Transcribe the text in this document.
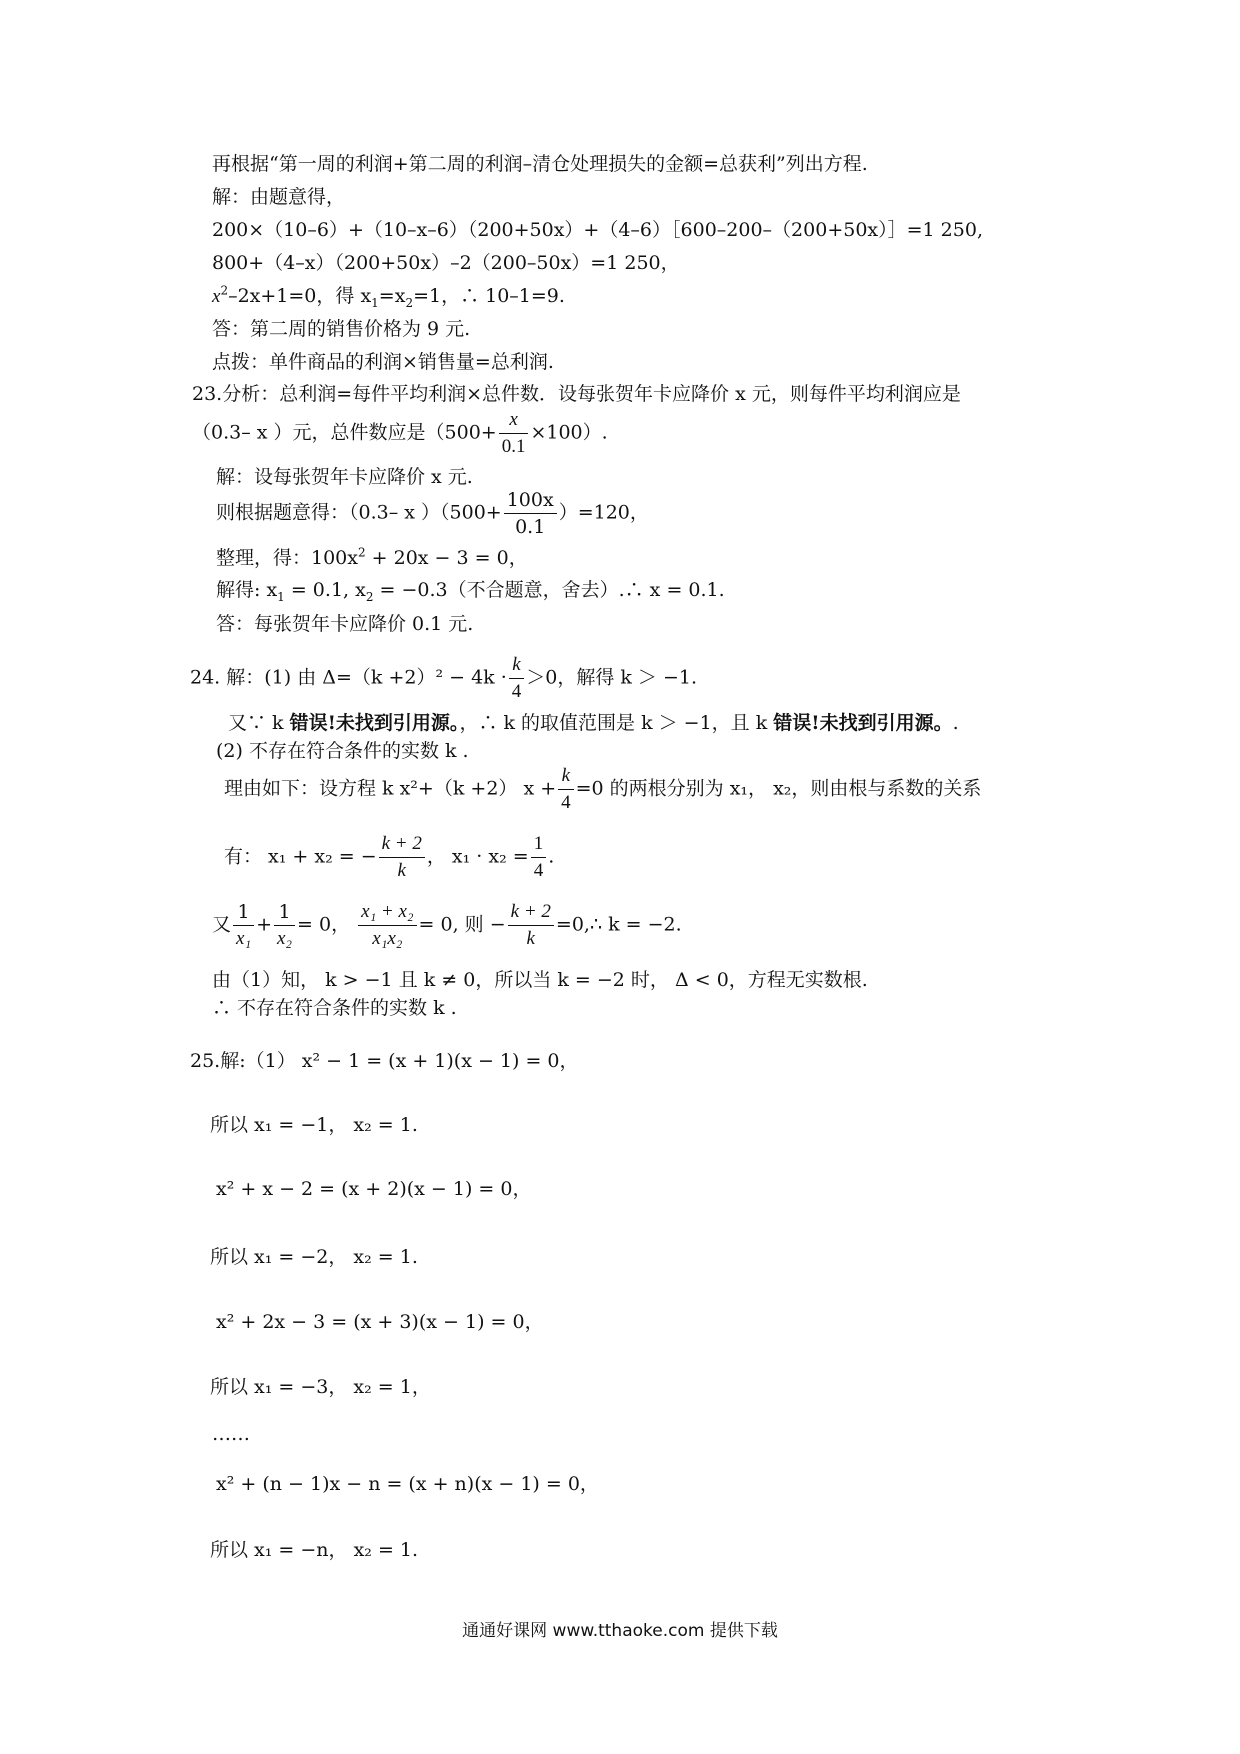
再根据“第一周的利润+第二周的利润–清仓处理损失的金额=总获利”列出方程.
解：由题意得，
200×（10–6）+（10–x–6）（200+50x）+（4–6）［600–200–（200+50x）］=1 250,
800+（4–x）（200+50x）–2（200–50x）=1 250，
$x^2-2x+1=0$，得 $x_1=x_2=1$，∴ 10–1=9.
答：第二周的销售价格为 9 元.
点拨：单件商品的利润×销售量=总利润.
23.分析：总利润=每件平均利润×总件数．设每张贺年卡应降价 x 元，则每件平均利润应是
（0.3– x ）元，总件数应是$(500+ \frac{x}{0.1} \times 100)$.
解：设每张贺年卡应降价 x 元.
则根据题意得：（0.3– x ）$(500+ \frac{100x}{0.1} )=120$，
整理，得：$100x^2 + 20x - 3 = 0$，
解得: $x_1 = 0.1$, $x_2 = -0.3$（不合题意，舍去）.∴ x = 0.1.
答：每张贺年卡应降价 0.1 元.
24. 解：(1) 由 $\Delta=(k +2)^2 - 4k \cdot \frac{k}{4} >0$，解得 k ＞ −1.
又∵ k 错误!未找到引用源。，∴ k 的取值范围是 k ＞ −1，且 k 错误!未找到引用源。.
(2) 不存在符合条件的实数 k .
理由如下：设方程 k x²+（k +2） $x + \frac{k}{4} =0$ 的两根分别为 x₁， x₂，则由根与系数的关系
有： x₁ + x₂ = − $\frac{k + 2}{k}$ ， $x_1 \cdot x_2 = \frac{1}{4}$ .
又 $\frac{1}{\text{x₁}} + \frac{1}{\text{x₂}} = 0$， $\frac{\text{x₁ + x₂}}{\text{x₁x₂}} = 0$, 则 − $\frac{k + 2}{k}$ =0,∴ k = −2.
由（1）知， k > −1 且 k ≠ 0，所以当 k = −2 时， Δ < 0，方程无实数根.
∴ 不存在符合条件的实数 k .
25.解:（1） x² − 1 = (x + 1)(x − 1) = 0，
所以 x₁ = −1， x₂ = 1.
x² + x − 2 = (x + 2)(x − 1) = 0，
所以 x₁ = −2， x₂ = 1.
x² + 2x − 3 = (x + 3)(x − 1) = 0，
所以 x₁ = −3， x₂ = 1，
……
x² + (n − 1)x − n = (x + n)(x − 1) = 0，
所以 x₁ = −n， x₂ = 1.
通通好课网 www.tthaoke.com 提供下载
